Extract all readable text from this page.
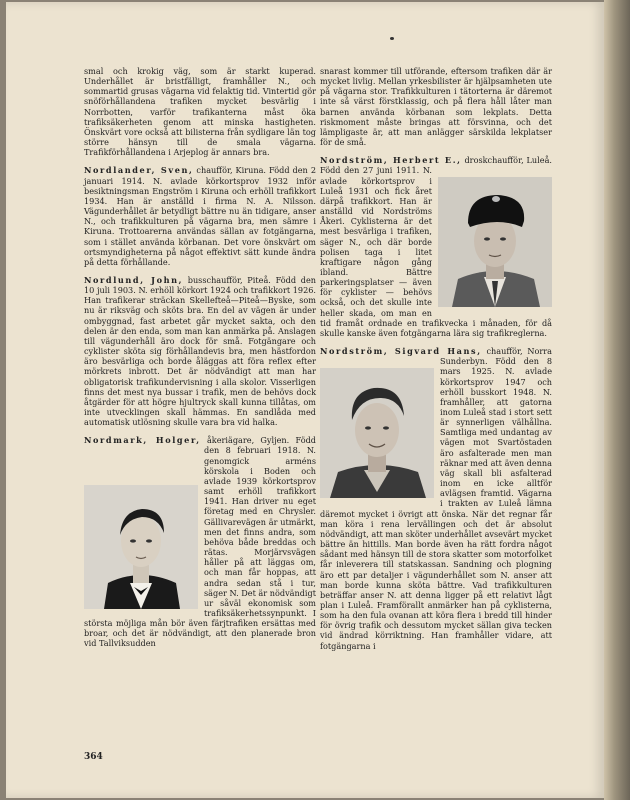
smal och krokig väg, som är starkt kuperad. Underhållet är bristfälligt, framhåller N., och sommartid grusas vägarna vid felaktig tid. Vintertid gör snöförhållandena trafiken mycket besvärlig i Norrbotten, varför trafikanterna måst öka trafiksäkerheten genom att minska hastigheten. Önskvärt vore också att bilisterna från sydligare län tog större hänsyn till de smala vägarna. Trafikförhållandena i Arjeplog är annars bra.

Nordlander, Sven, chaufför, Kiruna. Född den 2 januari 1914. N. avlade körkortsprov 1932 inför besiktningsman Engström i Kiruna och erhöll trafikkort 1934. Han är anställd i firma N. A. Nilsson. Vägunderhållet är betydligt bättre nu än tidigare, anser N., och trafikkulturen på vägarna bra, men sämre i Kiruna. Trottoarerna användas sällan av fotgängarna, som i stället använda körbanan. Det vore önskvärt om ortsmyndigheterna på något effektivt sätt kunde ändra på detta förhållande.

Nordlund, John, busschaufför, Piteå. Född den 10 juli 1903. N. erhöll körkort 1924 och trafikkort 1926. Han trafikerar sträckan Skellefteå—Piteå—Byske, som nu är riksväg och sköts bra. En del av vägen är under ombyggnad, fast arbetet går mycket sakta, och den delen är den enda, som man kan anmärka på. Anslagen till vägunderhåll äro dock för små. Fotgängare och cyklister sköta sig förhållandevis bra, men hästfordon äro besvärliga och borde åläggas att föra reflex efter mörkrets inbrott. Det är nödvändigt att man har obligatorisk trafikundervisning i alla skolor. Visserligen finns det mest nya bussar i trafik, men de behövs dock åtgärder för att högre hjultryck skall kunna tillåtas, om inte utvecklingen skall hämmas. En sandlåda med automatisk utlösning skulle vara bra vid halka.

Nordmark, Holger,
åkeriägare, Gyljen. Född den 8 februari 1918. N. genomgick arméns körskola i Boden och avlade 1939 körkortsprov samt erhöll trafikkort 1941. Han driver nu eget företag med en Chrysler. Gällivarevägen är utmärkt, men det finns andra, som behöva både breddas och rätas. Morjärvsvägen håller på att läggas om, och man får hoppas, att andra sedan stå i tur, säger N. Det är nödvändigt ur såväl ekonomisk som trafiksäkerhetssynpunkt. I största möjliga mån bör även färjtrafiken ersättas med broar, och det är nödvändigt, att den planerade bron vid Tallviksudden

snarast kommer till utförande, eftersom trafiken där är mycket livlig. Mellan yrkesbilister är hjälpsamheten ute på vägarna stor. Trafikkulturen i tätorterna är däremot inte så värst förstklassig, och på flera håll låter man barnen använda körbanan som lekplats. Detta riskmoment måste bringas att försvinna, och det lämpligaste är, att man anlägger särskilda lekplatser för de små.

Nordström, Herbert E.,
droskchaufför, Luleå. Född den 27 juni 1911. N. avlade körkortsprov i Luleå 1931 och fick året därpå trafikkort. Han är anställd vid Nordströms Åkeri. Cyklisterna är det mest besvärliga i trafiken, säger N., och där borde polisen taga i litet kraftigare någon gång ibland. Bättre parkeringsplatser — även för cyklister — behövs också, och det skulle inte heller skada, om man en tid framåt ordnade en trafikvecka i månaden, för då skulle kanske även fotgängarna lära sig trafikreglerna.

Nordström, Sigvard Hans,
chaufför, Norra Sunderbyn. Född den 8 mars 1925. N. avlade körkortsprov 1947 och erhöll busskort 1948. N. framhåller, att gatorna inom Luleå stad i stort sett är synnerligen välhållna. Samtliga med undantag av vägen mot Svartöstaden äro asfalterade men man räknar med att även denna väg skall bli asfalterad inom en icke alltför avlägsen framtid. Vägarna i trakten av Luleå lämna däremot mycket i övrigt att önska. När det regnar får man köra i rena lervällingen och det är absolut nödvändigt, att man sköter underhållet avsevärt mycket bättre än hittills. Man borde även ha rätt fordra något sådant med hänsyn till de stora skatter som motorfolket får inleverera till statskassan. Sandning och plogning äro ett par detaljer i vägunderhållet som N. anser att man borde kunna sköta bättre. Vad trafikkulturen beträffar anser N. att denna ligger på ett relativt lågt plan i Luleå. Framförallt anmärker han på cyklisterna, som ha den fula ovanan att köra flera i bredd till hinder för övrig trafik och dessutom mycket sällan giva tecken vid ändrad körriktning. Han framhåller vidare, att fotgängarna i

364
